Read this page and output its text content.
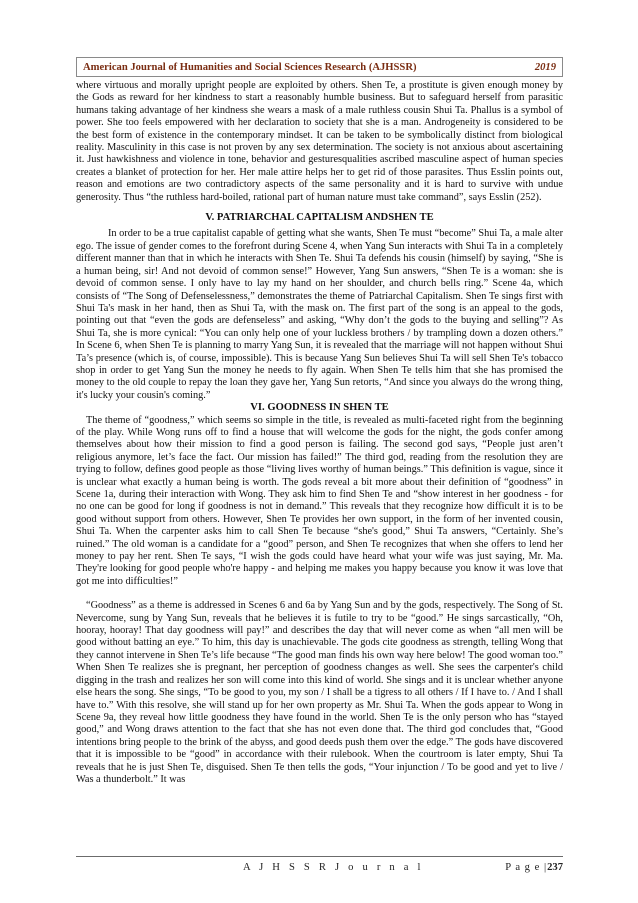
American Journal of Humanities and Social Sciences Research (AJHSSR)	2019

where virtuous and morally upright people are exploited by others. Shen Te, a prostitute is given enough money by the Gods as reward for her kindness to start a reasonably humble business. But to safeguard herself from parasitic humans taking advantage of her kindness she wears a mask of a male ruthless cousin Shui Ta. Phallus is a symbol of power. She too feels empowered with her declaration to society that she is a man. Androgeneity is considered to be the best form of existence in the contemporary mindset. It can be taken to be symbolically distinct from biological reality. Masculinity in this case is not proven by any sex determination. The society is not anxious about ascertaining it. Just hawkishness and violence in tone, behavior and gesturesqualities ascribed masculine aspect of human species creates a blanket of protection for her. Her male attire helps her to get rid of those parasites. Thus Esslin points out, reason and emotions are two contradictory aspects of the same personality and it is hard to survive with undue generosity. Thus “the ruthless hard-boiled, rational part of human nature must take command”, says Esslin (252).

V. PATRIARCHAL CAPITALISM ANDSHEN TE

In order to be a true capitalist capable of getting what she wants, Shen Te must “become” Shui Ta, a male alter ego. The issue of gender comes to the forefront during Scene 4, when Yang Sun interacts with Shui Ta in a completely different manner than that in which he interacts with Shen Te. Shui Ta defends his cousin (himself) by saying, “She is a human being, sir! And not devoid of common sense!” However, Yang Sun answers, “Shen Te is a woman: she is devoid of common sense. I only have to lay my hand on her shoulder, and church bells ring.” Scene 4a, which consists of “The Song of Defenselessness,” demonstrates the theme of Patriarchal Capitalism. Shen Te sings first with Shui Ta's mask in her hand, then as Shui Ta, with the mask on. The first part of the song is an appeal to the gods, pointing out that “even the gods are defenseless” and asking, “Why don’t the gods to the buying and selling”? As Shui Ta, she is more cynical: “You can only help one of your luckless brothers / by trampling down a dozen others.” In Scene 6, when Shen Te is planning to marry Yang Sun, it is revealed that the marriage will not happen without Shui Ta’s presence (which is, of course, impossible). This is because Yang Sun believes Shui Ta will sell Shen Te's tobacco shop in order to get Yang Sun the money he needs to fly again. When Shen Te tells him that she has promised the money to the old couple to repay the loan they gave her, Yang Sun retorts, “And since you always do the wrong thing, it's lucky your cousin's coming.”

VI. GOODNESS IN SHEN TE

The theme of “goodness,” which seems so simple in the title, is revealed as multi-faceted right from the beginning of the play. While Wong runs off to find a house that will welcome the gods for the night, the gods confer among themselves about how their mission to find a good person is failing. The second god says, “People just aren’t religious anymore, let’s face the fact. Our mission has failed!” The third god, reading from the resolution they are trying to follow, defines good people as those “living lives worthy of human beings.” This definition is vague, since it is unclear what exactly a human being is worth. The gods reveal a bit more about their definition of “goodness” in Scene 1a, during their interaction with Wong. They ask him to find Shen Te and “show interest in her goodness - for no one can be good for long if goodness is not in demand.” This reveals that they recognize how difficult it is to be good without support from others. However, Shen Te provides her own support, in the form of her invented cousin, Shui Ta. When the carpenter asks him to call Shen Te because “she's good,” Shui Ta answers, “Certainly. She’s ruined.” The old woman is a candidate for a “good” person, and Shen Te recognizes that when she offers to lend her money to pay her rent. Shen Te says, “I wish the gods could have heard what your wife was just saying, Mr. Ma. They're looking for good people who're happy - and helping me makes you happy because you know it was love that got me into difficulties!”

“Goodness” as a theme is addressed in Scenes 6 and 6a by Yang Sun and by the gods, respectively. The Song of St. Nevercome, sung by Yang Sun, reveals that he believes it is futile to try to be “good.” He sings sarcastically, “Oh, hooray, hooray! That day goodness will pay!” and describes the day that will never come as when “all men will be good without batting an eye.” To him, this day is unachievable. The gods cite goodness as strength, telling Wong that they cannot intervene in Shen Te’s life because “The good man finds his own way here below! The good woman too.” When Shen Te realizes she is pregnant, her perception of goodness changes as well. She sees the carpenter's child digging in the trash and realizes her son will come into this kind of world. She sings and it is unclear whether anyone else hears the song. She sings, “To be good to you, my son / I shall be a tigress to all others / If I have to. / And I shall have to.” With this resolve, she will stand up for her own property as Mr. Shui Ta. When the gods appear to Wong in Scene 9a, they reveal how little goodness they have found in the world. Shen Te is the only person who has “stayed good,” and Wong draws attention to the fact that she has not even done that. The third god concludes that, “Good intentions bring people to the brink of the abyss, and good deeds push them over the edge.” The gods have discovered that it is impossible to be “good” in accordance with their rulebook. When the courtroom is later empty, Shui Ta reveals that he is just Shen Te, disguised. Shen Te then tells the gods, “Your injunction / To be good and yet to live / Was a thunderbolt.” It was

A J H S S R J o u r n a l	P a g e |237
